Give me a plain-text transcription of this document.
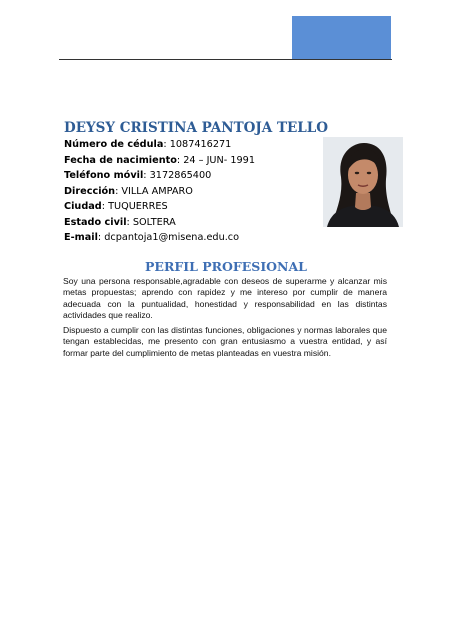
DEYSY CRISTINA PANTOJA TELLO
Número de cédula: 1087416271
Fecha de nacimiento: 24 – JUN- 1991
Teléfono móvil: 3172865400
Dirección: VILLA AMPARO
Ciudad: TUQUERRES
Estado civil: SOLTERA
E-mail: dcpantoja1@misena.edu.co
PERFIL PROFESIONAL

Soy una persona responsable,agradable con deseos de superarme y alcanzar mis metas propuestas; aprendo con rapidez y me intereso por cumplir de manera adecuada con la puntualidad, honestidad y responsabilidad en las distintas actividades que realizo.

Dispuesto a cumplir con las distintas funciones, obligaciones y normas laborales que tengan establecidas, me presento con gran entusiasmo a vuestra entidad, y así formar parte del cumplimiento de metas planteadas en vuestra misión.
